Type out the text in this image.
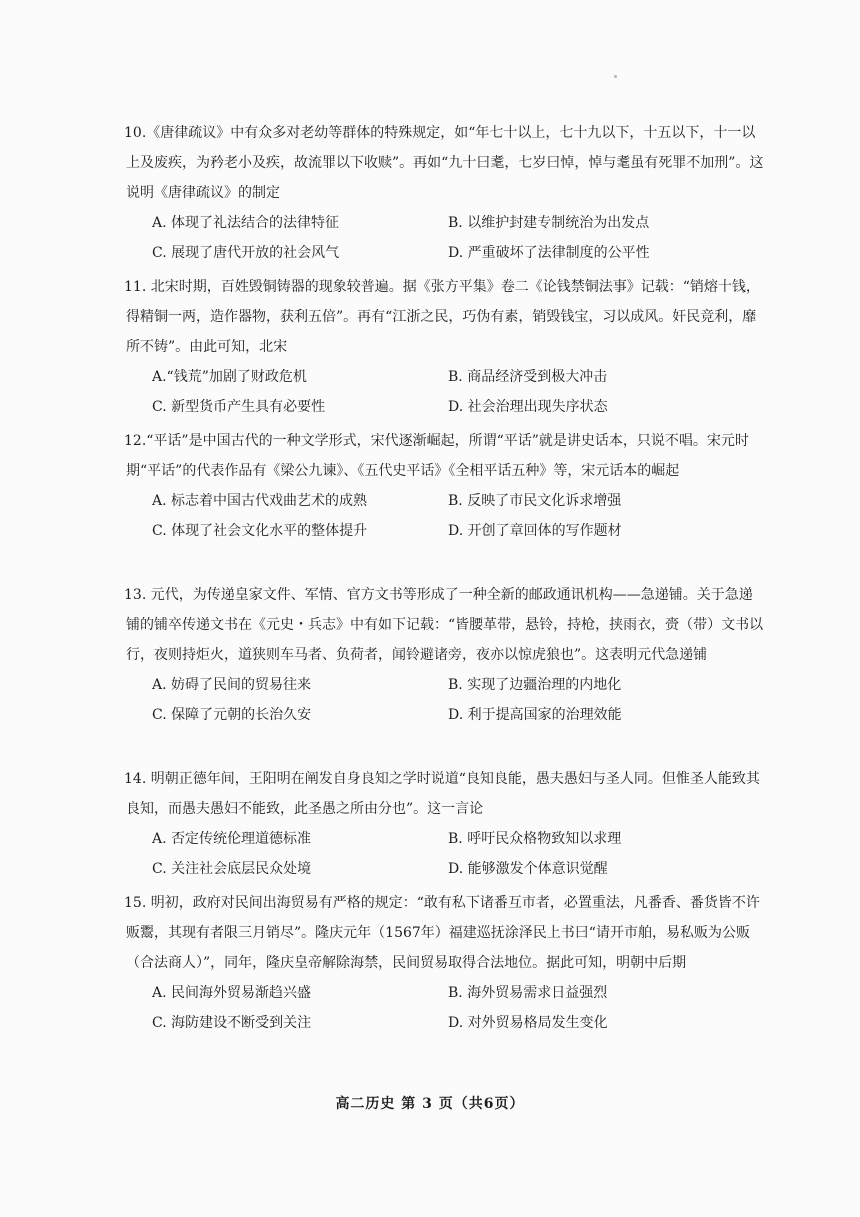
10.《唐律疏议》中有众多对老幼等群体的特殊规定，如“年七十以上，七十九以下，十五以下，十一以上及废疾，为矜老小及疾，故流罪以下收赎”。再如“九十曰耄，七岁曰悼，悼与耄虽有死罪不加刑”。这说明《唐律疏议》的制定

A. 体现了礼法结合的法律特征	B. 以维护封建专制统治为出发点
C. 展现了唐代开放的社会风气	D. 严重破坏了法律制度的公平性

11. 北宋时期，百姓毁铜铸器的现象较普遍。据《张方平集》卷二《论钱禁铜法事》记载：“销熔十钱，得精铜一两，造作器物，获利五倍”。再有“江浙之民，巧伪有素，销毁钱宝，习以成风。奸民竞利，靡所不铸”。由此可知，北宋

A.“钱荒”加剧了财政危机	B. 商品经济受到极大冲击
C. 新型货币产生具有必要性	D. 社会治理出现失序状态

12.“平话”是中国古代的一种文学形式，宋代逐渐崛起，所谓“平话”就是讲史话本，只说不唱。宋元时期“平话”的代表作品有《梁公九谏》、《五代史平话》《全相平话五种》等，宋元话本的崛起

A. 标志着中国古代戏曲艺术的成熟	B. 反映了市民文化诉求增强
C. 体现了社会文化水平的整体提升	D. 开创了章回体的写作题材

13. 元代，为传递皇家文件、军情、官方文书等形成了一种全新的邮政通讯机构——急递铺。关于急递铺的铺卒传递文书在《元史・兵志》中有如下记载：“皆腰革带，悬铃，持枪，挟雨衣，赍（带）文书以行，夜则持炬火，道狭则车马者、负荷者，闻铃避诸旁，夜亦以惊虎狼也”。这表明元代急递铺

A. 妨碍了民间的贸易往来	B. 实现了边疆治理的内地化
C. 保障了元朝的长治久安	D. 利于提高国家的治理效能

14. 明朝正德年间，王阳明在阐发自身良知之学时说道“良知良能，愚夫愚妇与圣人同。但惟圣人能致其良知，而愚夫愚妇不能致，此圣愚之所由分也”。这一言论

A. 否定传统伦理道德标准	B. 呼吁民众格物致知以求理
C. 关注社会底层民众处境	D. 能够激发个体意识觉醒

15. 明初，政府对民间出海贸易有严格的规定：“敢有私下诸番互市者，必置重法，凡番香、番货皆不许贩鬻，其现有者限三月销尽”。隆庆元年（1567年）福建巡抚涂泽民上书曰“请开市舶，易私贩为公贩（合法商人）”，同年，隆庆皇帝解除海禁，民间贸易取得合法地位。据此可知，明朝中后期

A. 民间海外贸易渐趋兴盛	B. 海外贸易需求日益强烈
C. 海防建设不断受到关注	D. 对外贸易格局发生变化
高二历史 第 3 页（共6页）
